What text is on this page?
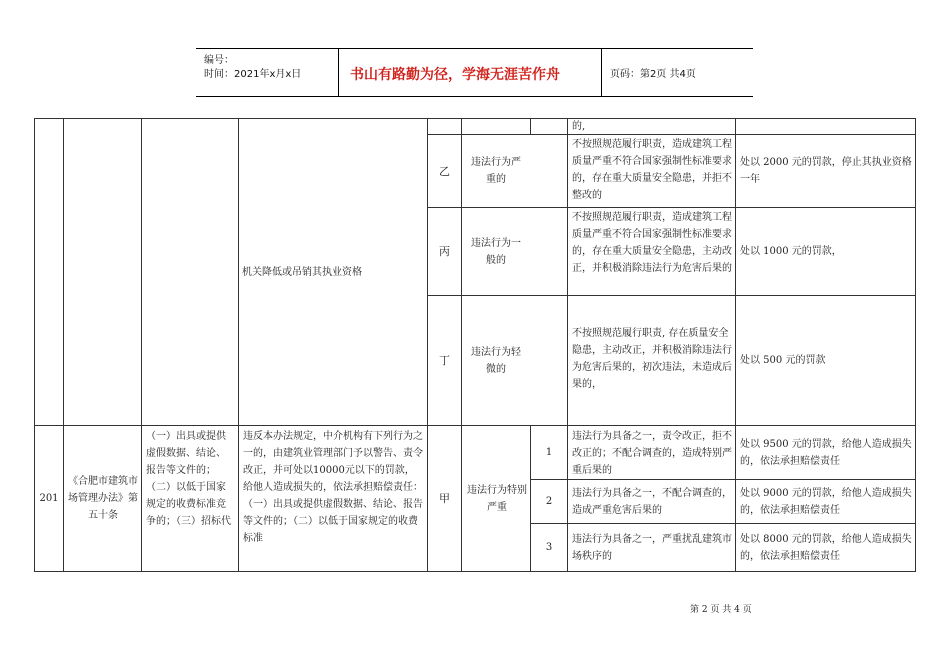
编号：
时间：2021年x月x日	书山有路勤为径，学海无涯苦作舟	页码：第2页 共4页
机关降低或吊销其执业资格
的,
乙
违法行为严重的
不按照规范履行职责，造成建筑工程质量严重不符合国家强制性标准要求的，存在重大质量安全隐患，并拒不整改的
处以 2000 元的罚款，停止其执业资格一年
丙
违法行为一般的
不按照规范履行职责，造成建筑工程质量严重不符合国家强制性标准要求的，存在重大质量安全隐患，主动改正，并积极消除违法行为危害后果的
处以 1000 元的罚款，
丁
违法行为轻微的
不按照规范履行职责, 存在质量安全隐患，主动改正，并积极消除违法行为危害后果的，初次违法，未造成后果的，
处以 500 元的罚款
201
《合肥市建筑市场管理办法》第五十条
（一）出具或提供虚假数据、结论、报告等文件的；（二）以低于国家规定的收费标准竞争的；（三）招标代
违反本办法规定，中介机构有下列行为之一的，由建筑业管理部门予以警告、责令改正，并可处以10000元以下的罚款，给他人造成损失的，依法承担赔偿责任：（一）出具或提供虚假数据、结论、报告等文件的；（二）以低于国家规定的收费标准
甲
违法行为特别严重
1
违法行为具备之一，责令改正，拒不改正的；不配合调查的，造成特别严重后果的
处以 9500 元的罚款，给他人造成损失的，依法承担赔偿责任
2
违法行为具备之一，不配合调查的，造成严重危害后果的
处以 9000 元的罚款，给他人造成损失的，依法承担赔偿责任
3
违法行为具备之一，严重扰乱建筑市场秩序的
处以 8000 元的罚款，给他人造成损失的，依法承担赔偿责任
第 2 页 共 4 页
